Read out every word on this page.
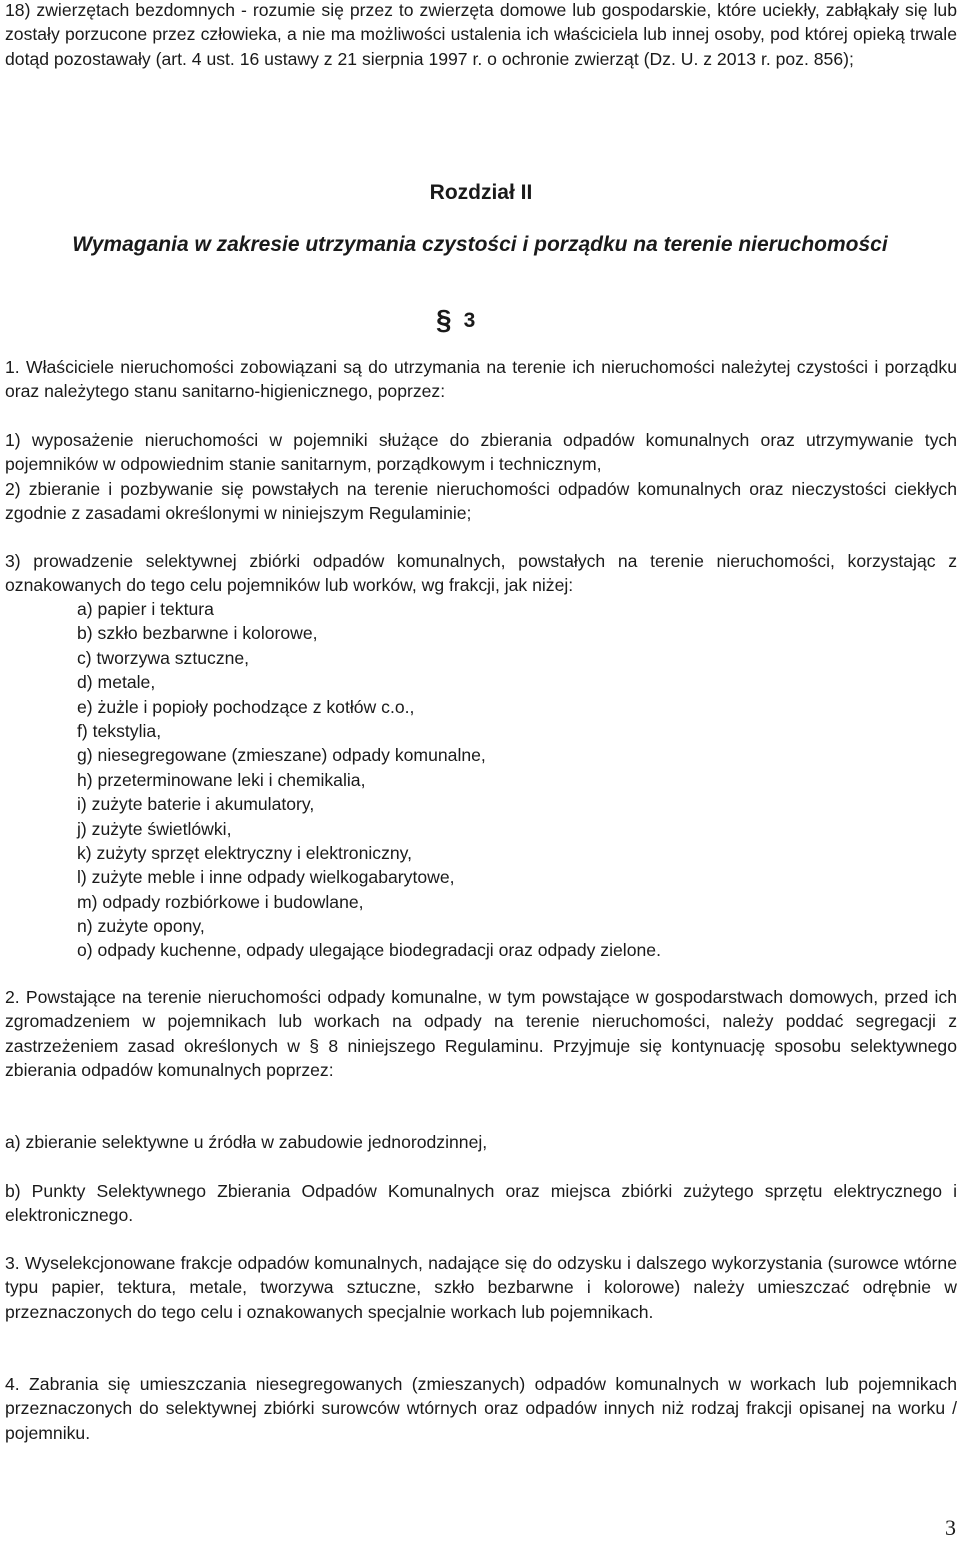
18) zwierzętach bezdomnych - rozumie się przez to zwierzęta domowe lub gospodarskie, które uciekły, zabłąkały się lub zostały porzucone przez człowieka, a nie ma możliwości ustalenia ich właściciela lub innej osoby, pod której opieką trwale dotąd pozostawały (art. 4 ust. 16 ustawy z 21 sierpnia 1997 r. o ochronie zwierząt (Dz. U. z 2013 r. poz. 856);

Rozdział II

Wymagania w zakresie utrzymania czystości i porządku na terenie nieruchomości

§ 3

1. Właściciele nieruchomości zobowiązani są do utrzymania na terenie ich nieruchomości należytej czystości i porządku oraz należytego stanu sanitarno-higienicznego, poprzez:

1) wyposażenie nieruchomości w pojemniki służące do zbierania odpadów komunalnych oraz utrzymywanie tych pojemników w odpowiednim stanie sanitarnym, porządkowym i technicznym,

2) zbieranie i pozbywanie się powstałych na terenie nieruchomości odpadów komunalnych oraz nieczystości ciekłych zgodnie z zasadami określonymi w niniejszym Regulaminie;

3) prowadzenie selektywnej zbiórki odpadów komunalnych, powstałych na terenie nieruchomości, korzystając z oznakowanych do tego celu pojemników lub worków, wg frakcji, jak niżej:

a) papier i tektura
b) szkło bezbarwne i kolorowe,
c) tworzywa sztuczne,
d) metale,
e) żużle i popioły pochodzące z kotłów c.o.,
f) tekstylia,
g) niesegregowane (zmieszane) odpady komunalne,
h) przeterminowane leki i chemikalia,
i) zużyte baterie i akumulatory,
j) zużyte świetlówki,
k) zużyty sprzęt elektryczny i elektroniczny,
l) zużyte meble i inne odpady wielkogabarytowe,
m) odpady rozbiórkowe i budowlane,
n) zużyte opony,
o) odpady kuchenne, odpady ulegające biodegradacji oraz odpady zielone.

2. Powstające na terenie nieruchomości odpady komunalne, w tym powstające w gospodarstwach domowych, przed ich zgromadzeniem w pojemnikach lub workach na odpady na terenie nieruchomości, należy poddać segregacji z zastrzeżeniem zasad określonych w § 8 niniejszego Regulaminu. Przyjmuje się kontynuację sposobu selektywnego zbierania odpadów komunalnych poprzez:

a) zbieranie selektywne u źródła w zabudowie jednorodzinnej,

b) Punkty Selektywnego Zbierania Odpadów Komunalnych oraz miejsca zbiórki zużytego sprzętu elektrycznego i elektronicznego.

3. Wyselekcjonowane frakcje odpadów komunalnych, nadające się do odzysku i dalszego wykorzystania (surowce wtórne typu papier, tektura, metale, tworzywa sztuczne, szkło bezbarwne i kolorowe) należy umieszczać odrębnie w przeznaczonych do tego celu i oznakowanych specjalnie workach lub pojemnikach.

4. Zabrania się umieszczania niesegregowanych (zmieszanych) odpadów komunalnych w workach lub pojemnikach przeznaczonych do selektywnej zbiórki surowców wtórnych oraz odpadów innych niż rodzaj frakcji opisanej na worku / pojemniku.

3
